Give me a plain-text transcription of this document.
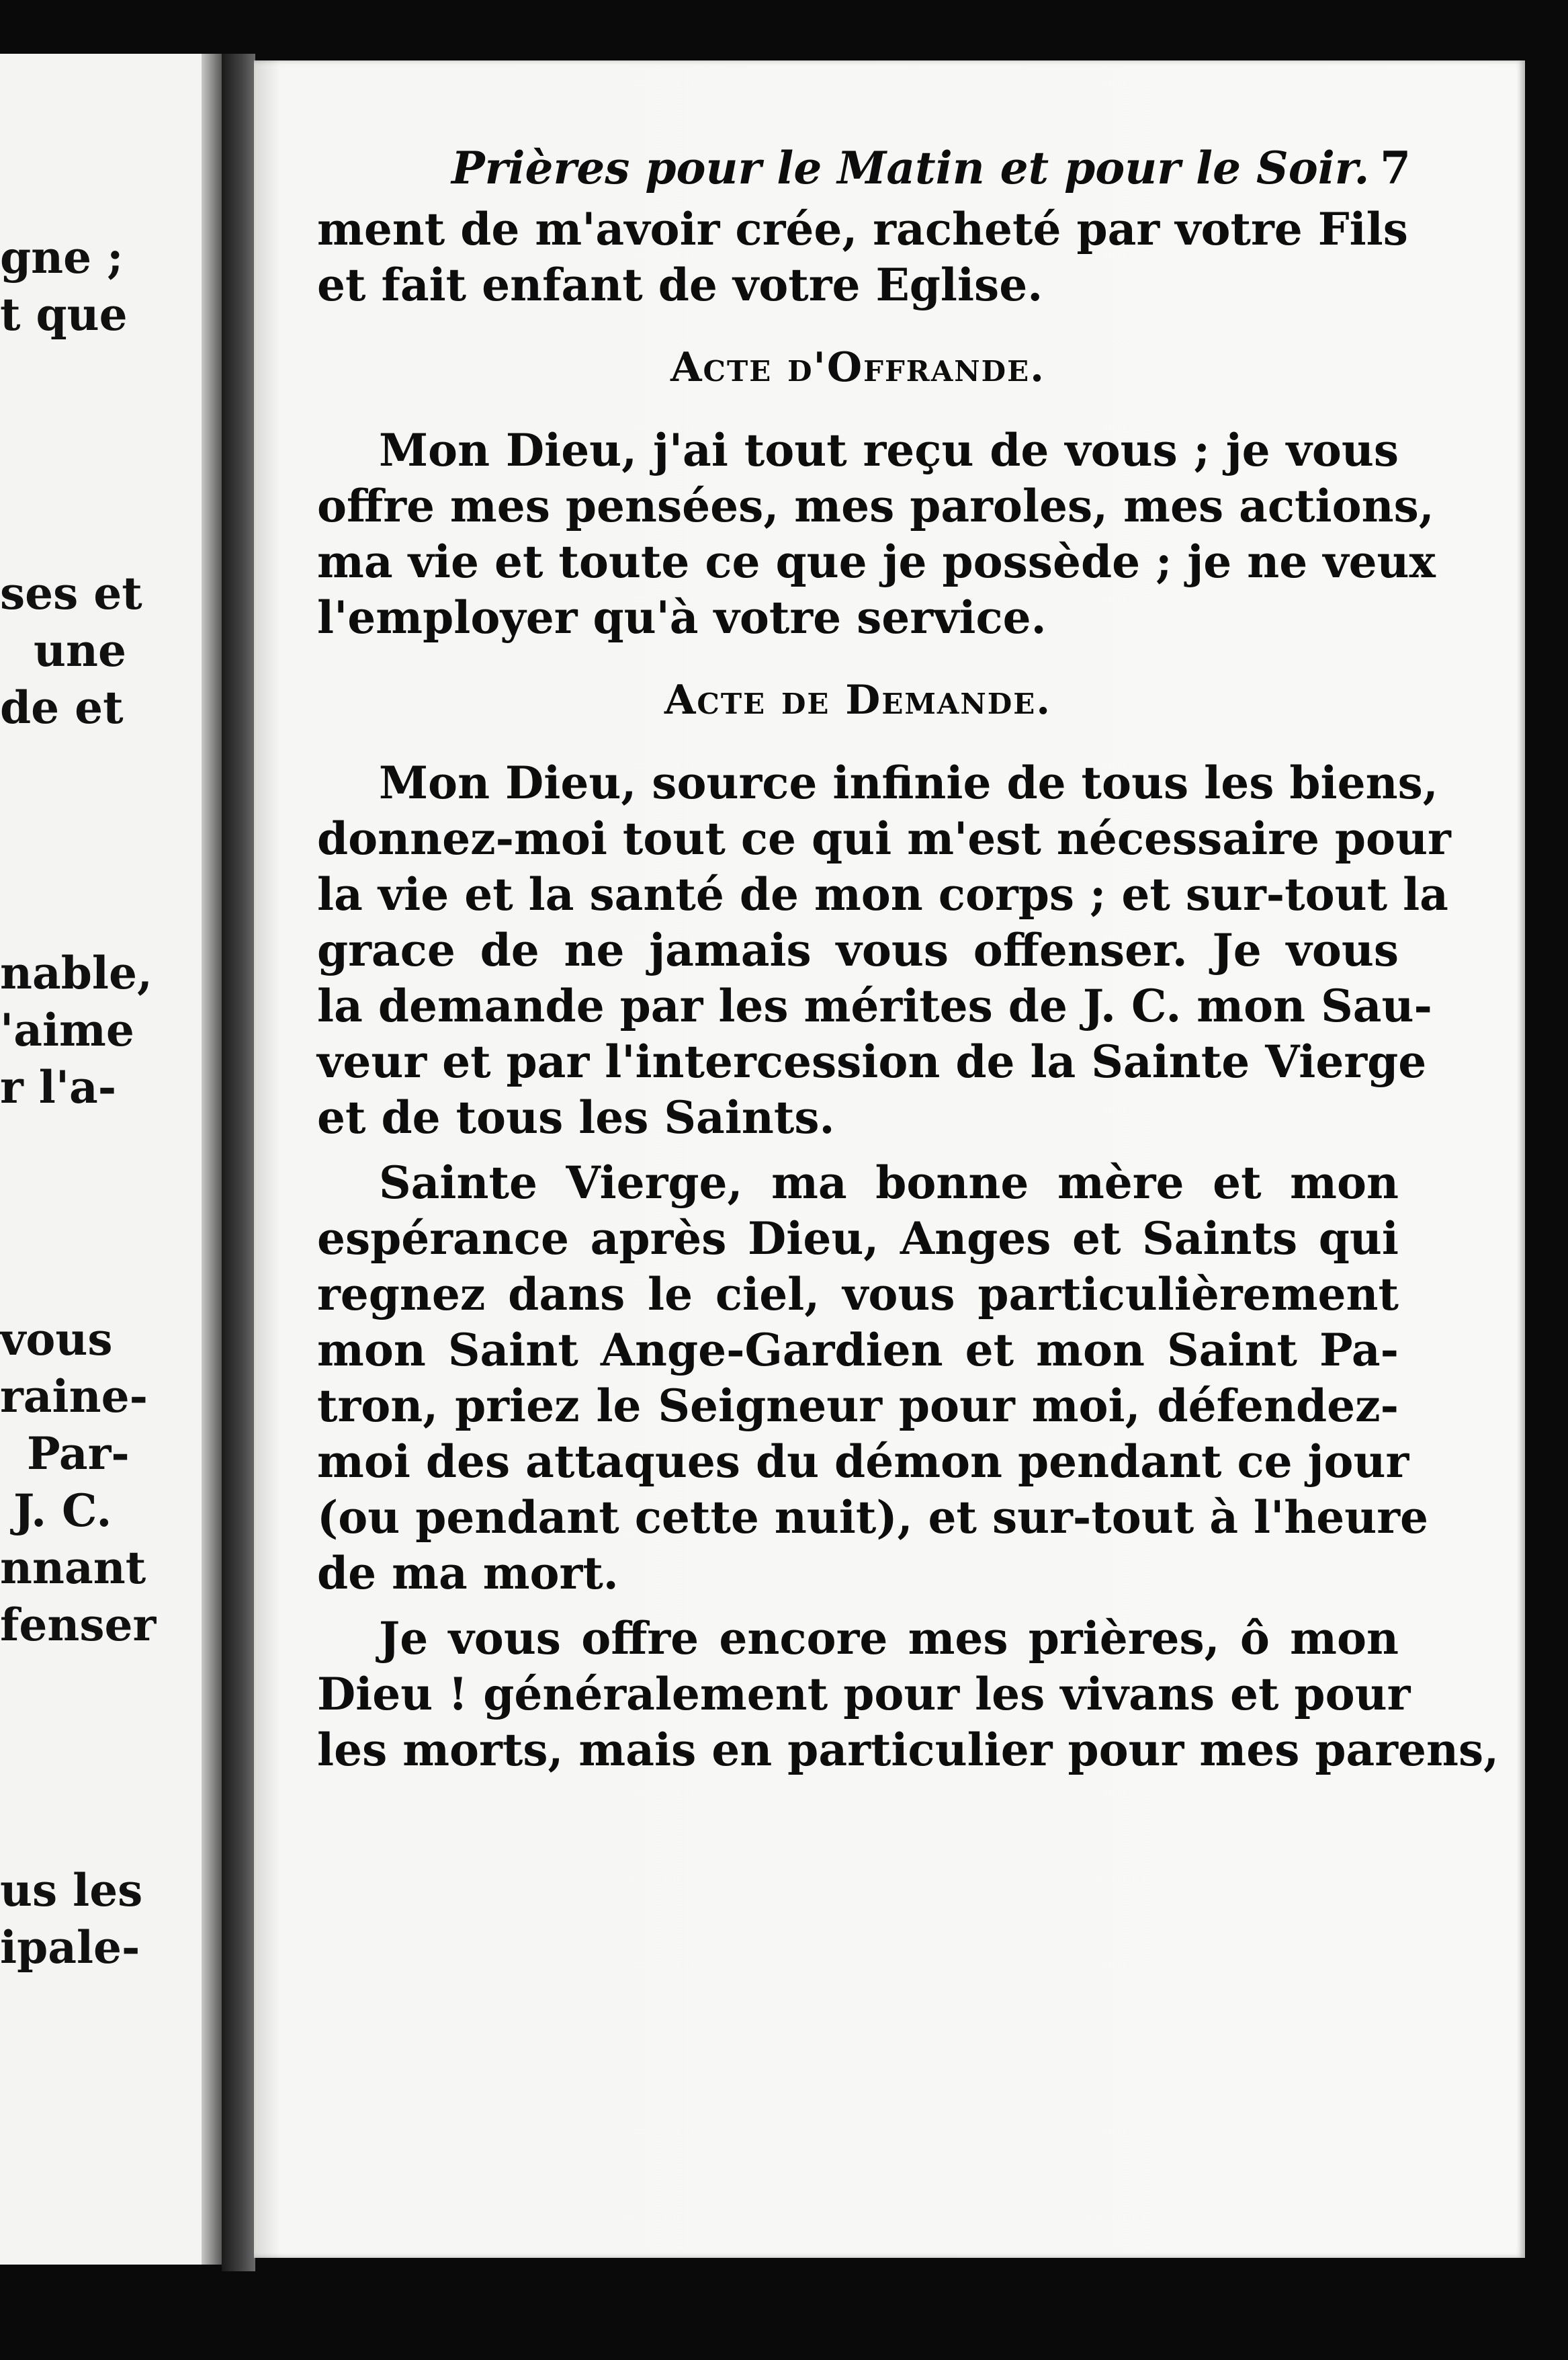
gne ;
t que
ses et
une
de et
nable,
'aime
r l'a-
vous
raine-
Par-
J. C.
nnant
fenser
us les
ipale-
Prières pour le Matin et pour le Soir. 7
ment de m'avoir crée, racheté par votre Fils
et fait enfant de votre Eglise.
Acte d'Offrande.
Mon Dieu, j'ai tout reçu de vous ; je vous
offre mes pensées, mes paroles, mes actions,
ma vie et toute ce que je possède ; je ne veux
l'employer qu'à votre service.
Acte de Demande.
Mon Dieu, source infinie de tous les biens,
donnez-moi tout ce qui m'est nécessaire pour
la vie et la santé de mon corps ; et sur-tout la
grace de ne jamais vous offenser. Je vous
la demande par les mérites de J. C. mon Sau-
veur et par l'intercession de la Sainte Vierge
et de tous les Saints.
Sainte Vierge, ma bonne mère et mon
espérance après Dieu, Anges et Saints qui
regnez dans le ciel, vous particulièrement
mon Saint Ange-Gardien et mon Saint Pa-
tron, priez le Seigneur pour moi, défendez-
moi des attaques du démon pendant ce jour
(ou pendant cette nuit), et sur-tout à l'heure
de ma mort.
Je vous offre encore mes prières, ô mon
Dieu ! généralement pour les vivans et pour
les morts, mais en particulier pour mes parens,
